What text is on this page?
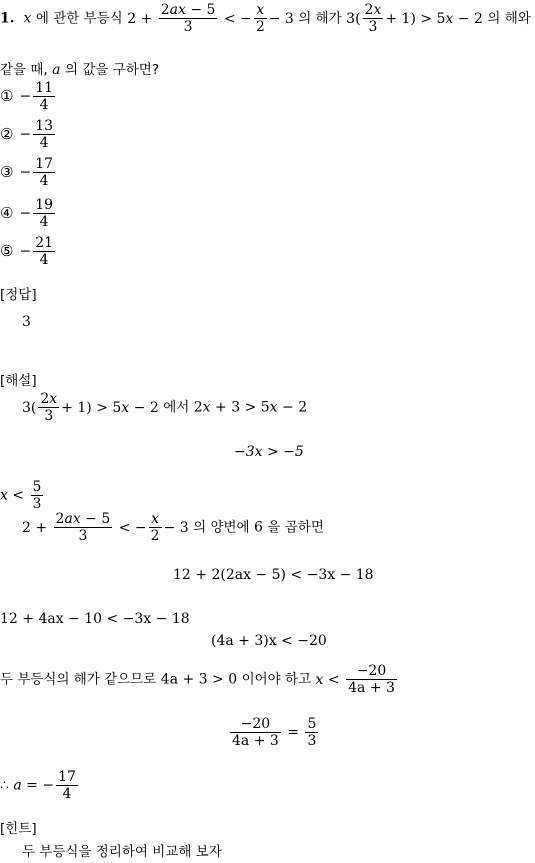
1. x 에 관한 부등식 $2 + \frac{2ax - 5}{3}$ < − $\frac{x}{2} - 3$ 의 해가 $3( \frac{2x}{3} + 1) > 5x - 2$ 의 해와
같을 때, a 의 값을 구하면?
① − $\frac{11}{4}$
② − $\frac{13}{4}$
③ − $\frac{17}{4}$
④ − $\frac{19}{4}$
⑤ − $\frac{21}{4}$
[정답]
3
[해설]
$3( \frac{2x}{3} + 1) > 5x - 2$ 에서 2x + 3 > 5x − 2
−3x > −5
$x < \frac{5}{3}$
$2 + \frac{2ax - 5}{3}$ < − $\frac{x}{2} - 3$ 의 양변에 6 을 곱하면
12 + 2(2ax − 5) < −3x − 18
12 + 4ax − 10 < −3x − 18
(4a + 3)x < −20
두 부등식의 해가 같으므로 4a + 3 > 0 이어야 하고 $x < \frac{-20}{4a + 3}$
$\frac{-20}{4a + 3} = \frac{5}{3}$
∴ a = − $\frac{17}{4}$
[힌트]
두 부등식을 정리하여 비교해 보자
